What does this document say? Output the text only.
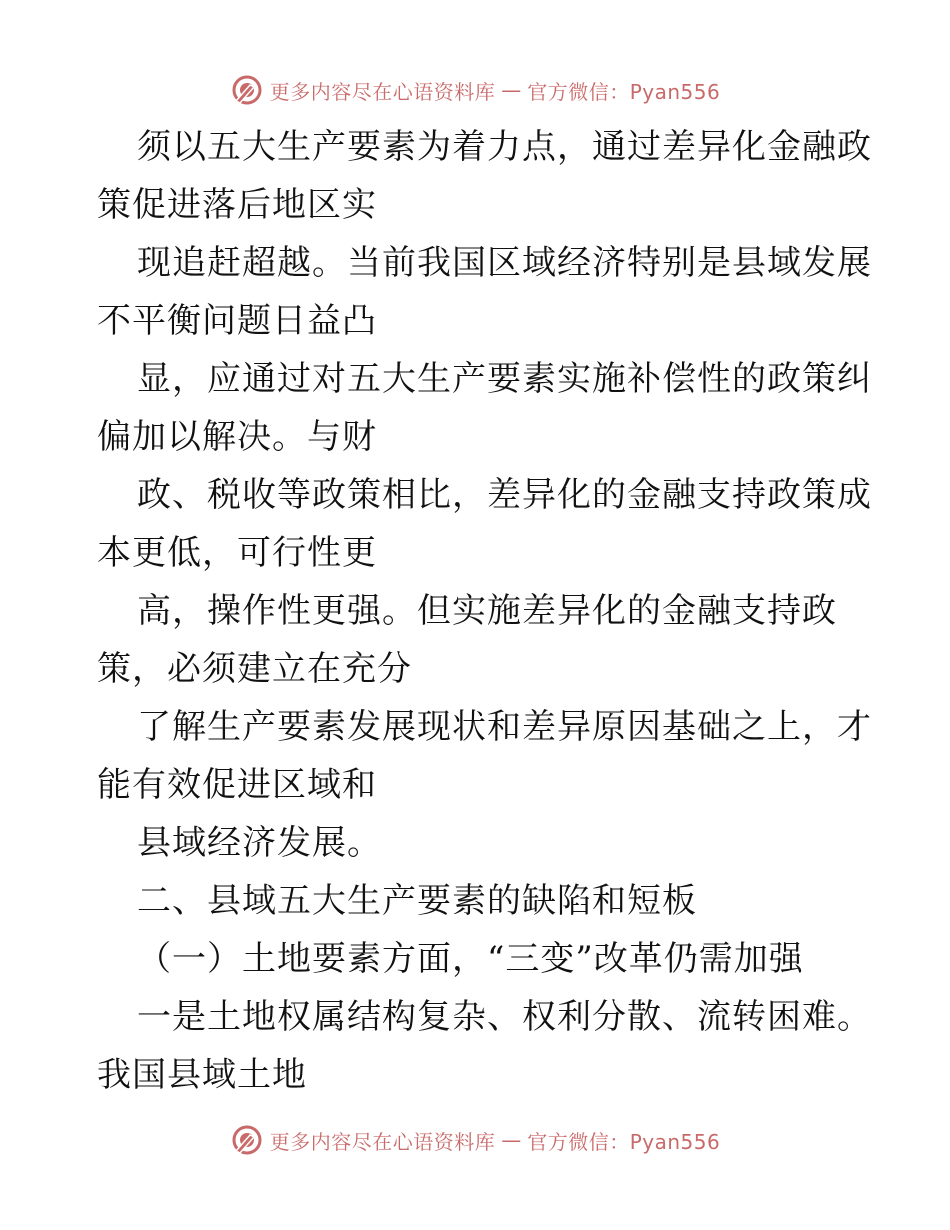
更多内容尽在心语资料库 — 官方微信：Pyan556
须以五大生产要素为着力点，通过差异化金融政
策促进落后地区实
现追赶超越。当前我国区域经济特别是县域发展
不平衡问题日益凸
显，应通过对五大生产要素实施补偿性的政策纠
偏加以解决。与财
政、税收等政策相比，差异化的金融支持政策成
本更低，可行性更
高，操作性更强。但实施差异化的金融支持政
策，必须建立在充分
了解生产要素发展现状和差异原因基础之上，才
能有效促进区域和
县域经济发展。
二、县域五大生产要素的缺陷和短板
（一）土地要素方面，“三变”改革仍需加强
一是土地权属结构复杂、权利分散、流转困难。
我国县域土地
更多内容尽在心语资料库 — 官方微信：Pyan556
